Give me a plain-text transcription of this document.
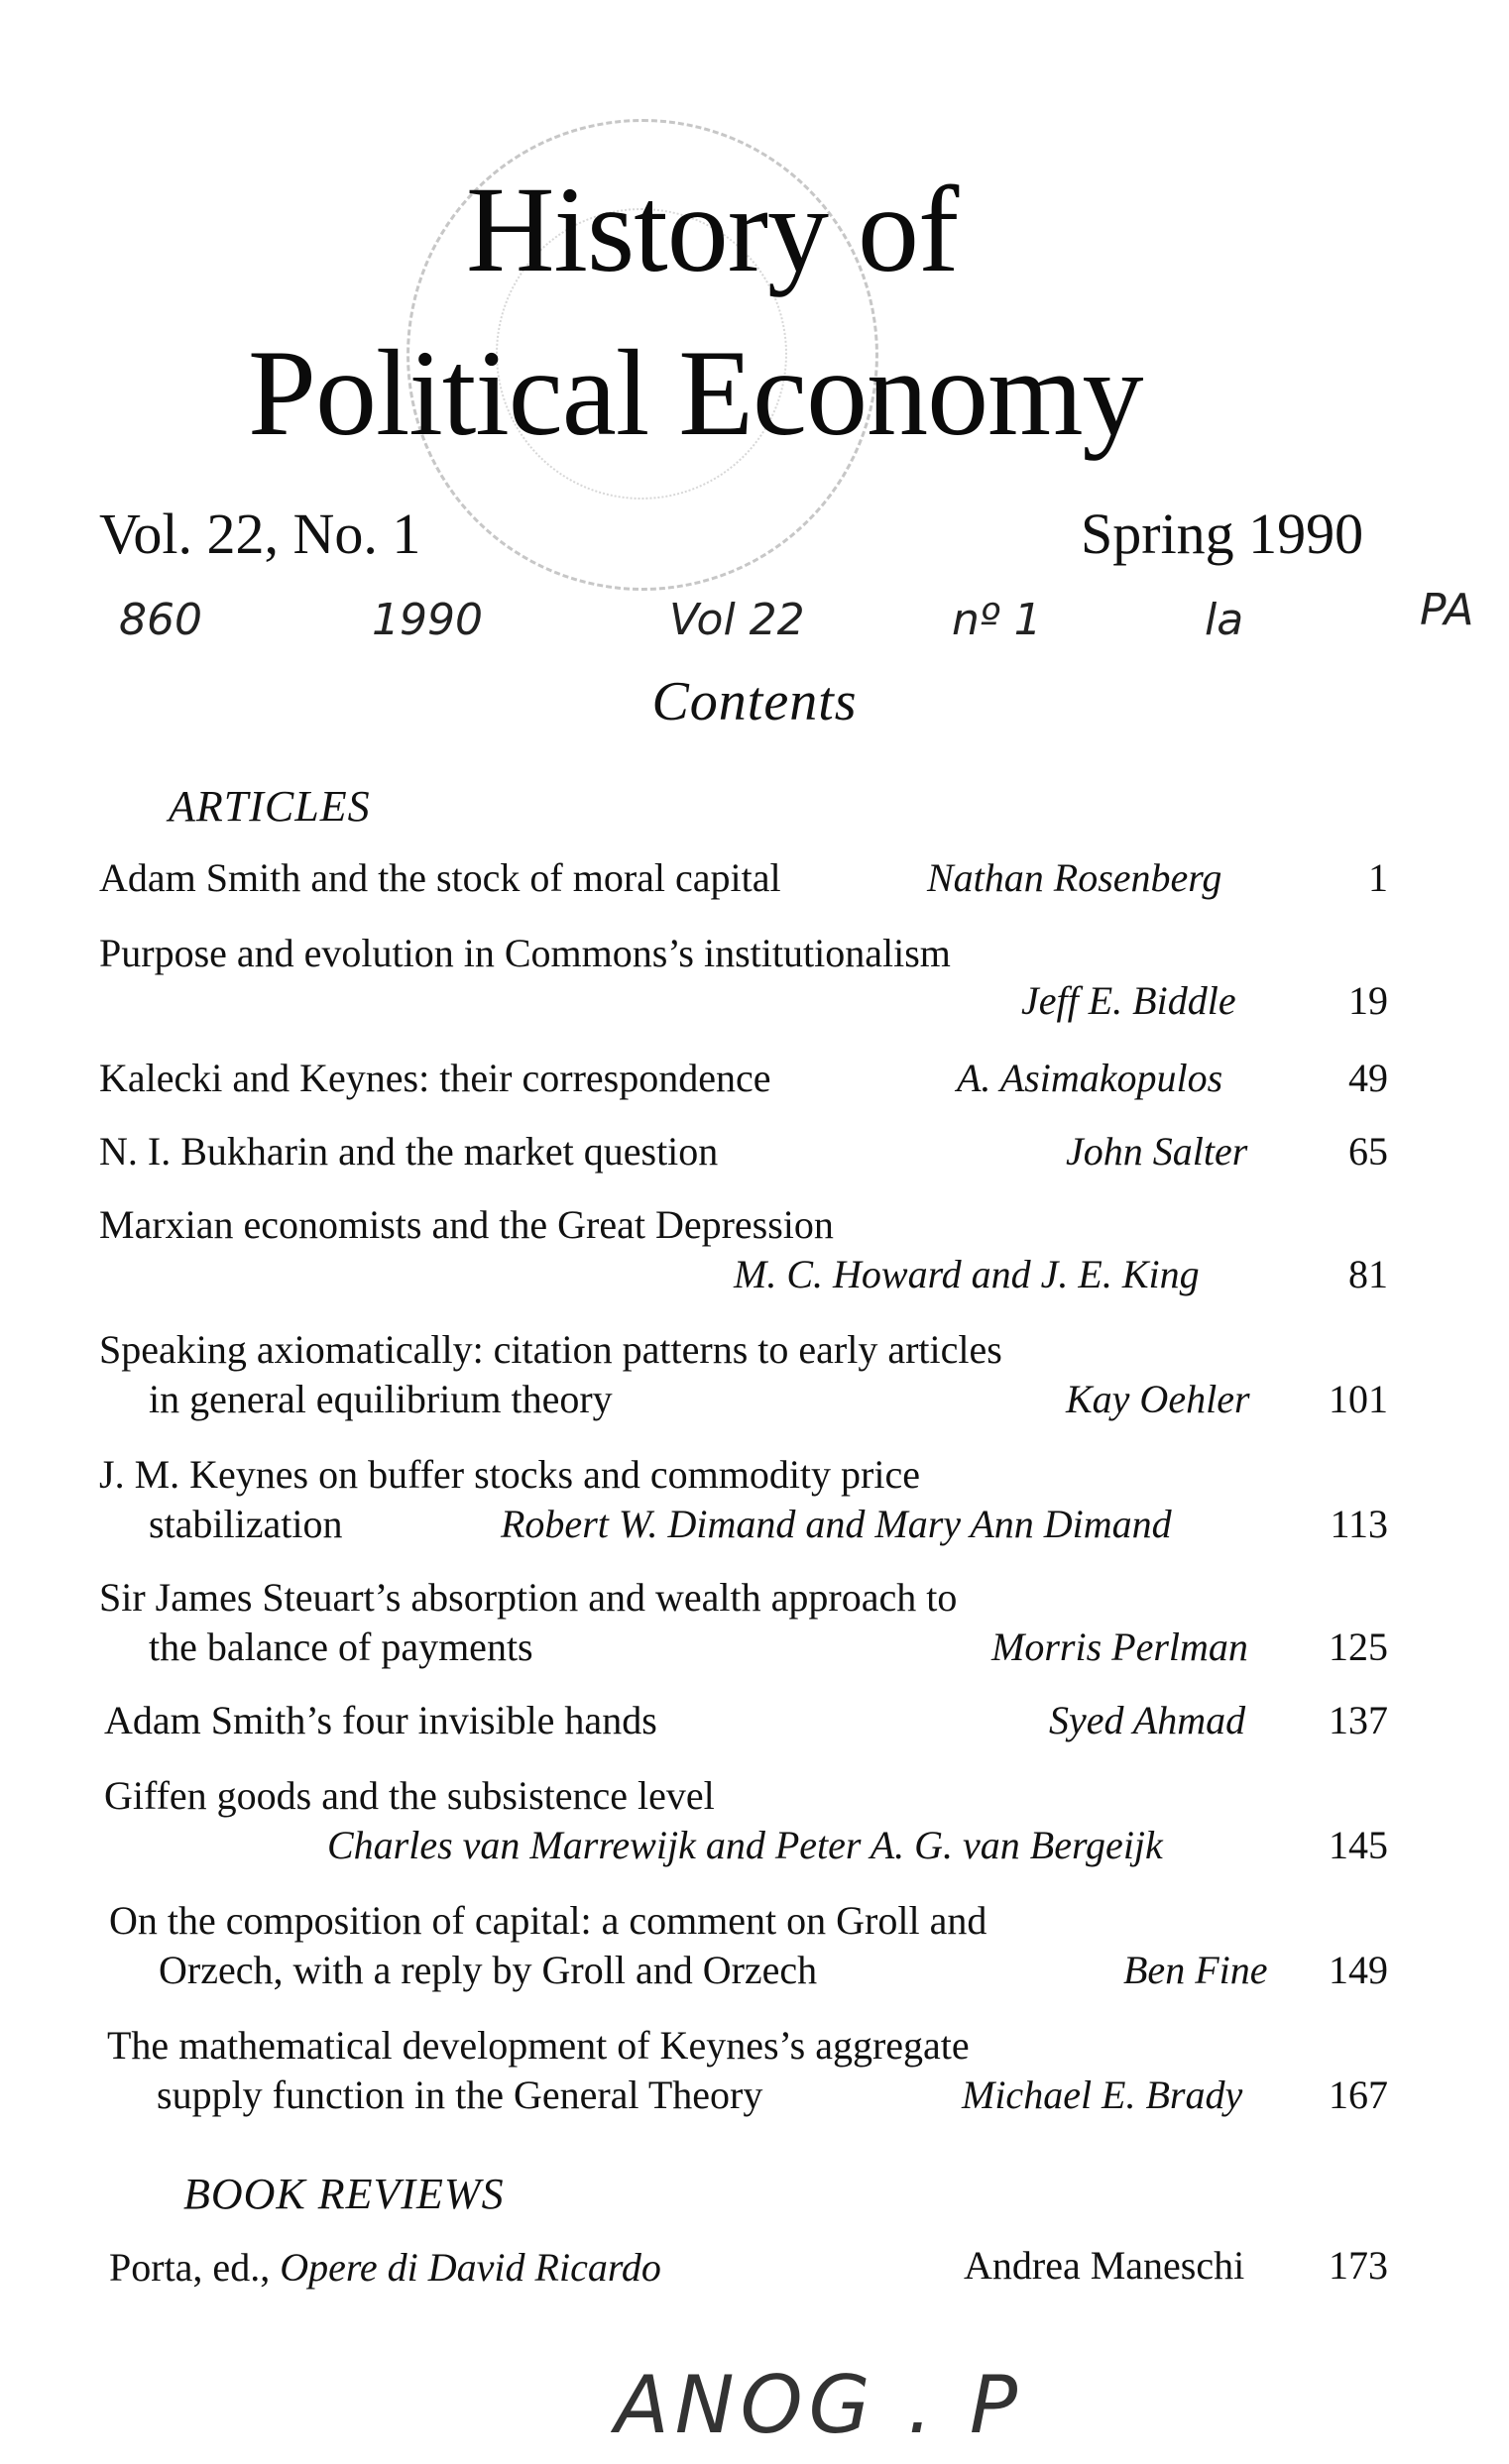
History of
Political Economy
Vol. 22, No. 1	Spring 1990
860	1990	Vol 22	nº 1	la	PA
Contents
ARTICLES
Adam Smith and the stock of moral capital	Nathan Rosenberg	1
Purpose and evolution in Commons’s institutionalism
Jeff E. Biddle	19
Kalecki and Keynes: their correspondence	A. Asimakopulos	49
N. I. Bukharin and the market question	John Salter	65
Marxian economists and the Great Depression
M. C. Howard and J. E. King	81
Speaking axiomatically: citation patterns to early articles
in general equilibrium theory	Kay Oehler	101
J. M. Keynes on buffer stocks and commodity price
stabilization	Robert W. Dimand and Mary Ann Dimand	113
Sir James Steuart’s absorption and wealth approach to
the balance of payments	Morris Perlman	125
Adam Smith’s four invisible hands	Syed Ahmad	137
Giffen goods and the subsistence level
Charles van Marrewijk and Peter A. G. van Bergeijk	145
On the composition of capital: a comment on Groll and
Orzech, with a reply by Groll and Orzech	Ben Fine	149
The mathematical development of Keynes’s aggregate
supply function in the General Theory	Michael E. Brady	167
BOOK REVIEWS
Porta, ed., Opere di David Ricardo	Andrea Maneschi	173
ANOG . P
